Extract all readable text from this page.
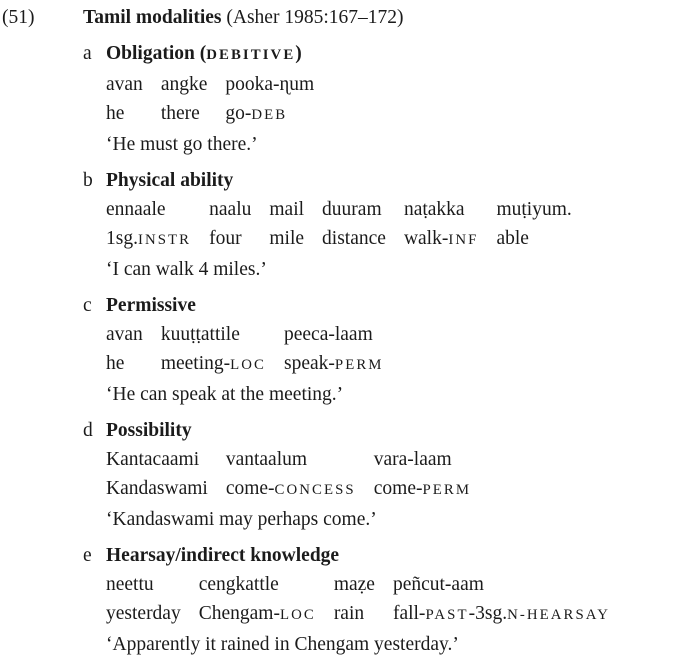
(51)	Tamil modalities (Asher 1985:167–172)
a Obligation (DEBITIVE)
avan	angke	pooka-ɳum
he	there	go-DEB
‘He must go there.’
b Physical ability
ennaale	naalu	mail	duuram	naṭakka	muṭiyum.
1sg.INSTR	four	mile	distance	walk-INF	able
‘I can walk 4 miles.’
c Permissive
avan	kuuṭṭattile	peeca-laam
he	meeting-LOC	speak-PERM
‘He can speak at the meeting.’
d Possibility
Kantacaami	vantaalum	vara-laam
Kandaswami	come-CONCESS	come-PERM
‘Kandaswami may perhaps come.’
e Hearsay/indirect knowledge
neettu	cengkattle	maẓe	peñcut-aam
yesterday	Chengam-LOC	rain	fall-PAST-3sg.N-HEARSAY
‘Apparently it rained in Chengam yesterday.’
